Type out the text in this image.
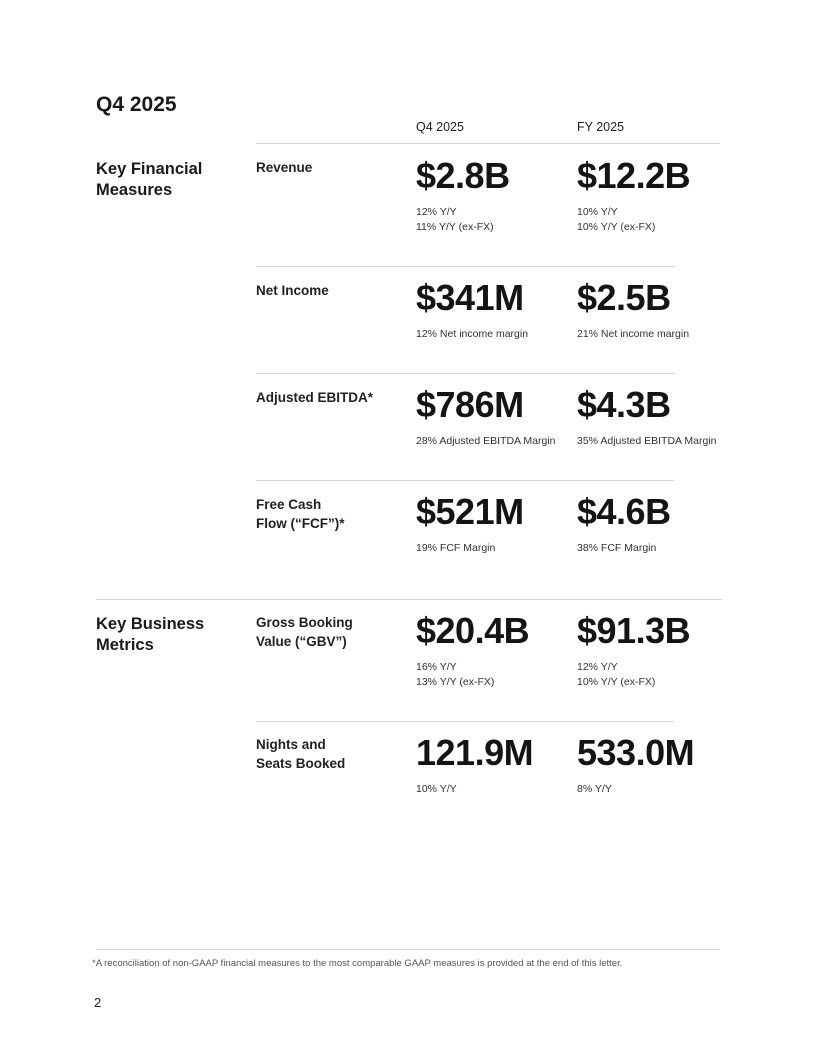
Q4 2025
Q4 2025	FY 2025
Key Financial
Measures
Revenue	$2.8B $12.2B
12% Y/Y
11% Y/Y (ex-FX)
10% Y/Y
10% Y/Y (ex-FX)
Net Income	$341M $2.5B
12% Net income margin	21% Net income margin
Adjusted EBITDA*	$786M $4.3B
28% Adjusted EBITDA Margin 35% Adjusted EBITDA Margin
Free Cash
Flow (“FCF”)*	$521M $4.6B
19% FCF Margin	38% FCF Margin
Key Business
Metrics
Gross Booking
Value (“GBV”)	$20.4B $91.3B
16% Y/Y
13% Y/Y (ex-FX)
12% Y/Y
10% Y/Y (ex-FX)
Nights and
Seats Booked	121.9M 533.0M
10% Y/Y	8% Y/Y
*A reconciliation of non-GAAP financial measures to the most comparable GAAP measures is provided at the end of this letter.
2
